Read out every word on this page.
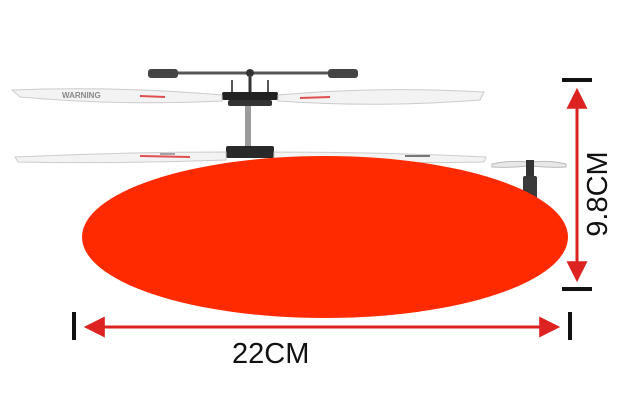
WARNING
22CM
9.8CM
